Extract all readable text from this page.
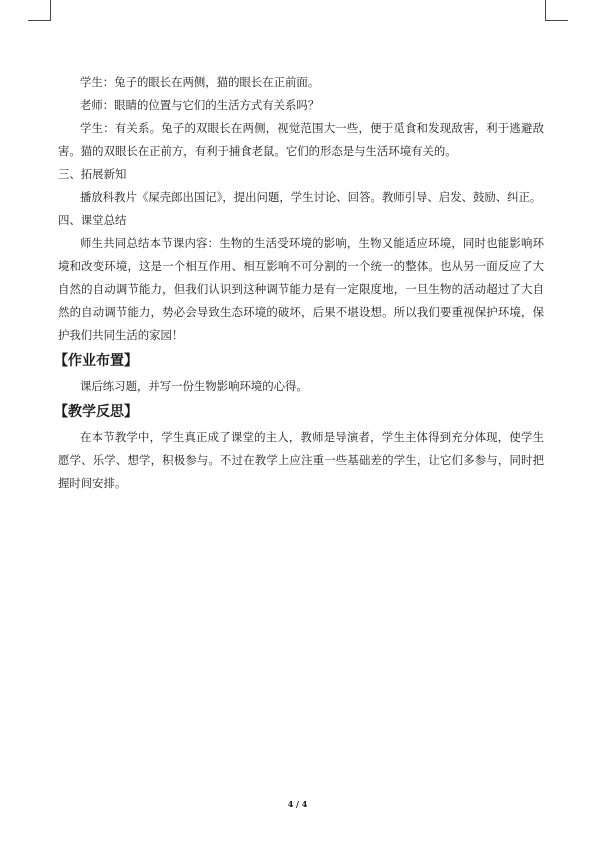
学生：兔子的眼长在两侧，猫的眼长在正前面。

老师：眼睛的位置与它们的生活方式有关系吗？

学生：有关系。兔子的双眼长在两侧，视觉范围大一些，便于觅食和发现敌害，利于逃避敌害。猫的双眼长在正前方，有利于捕食老鼠。它们的形态是与生活环境有关的。

三、拓展新知

播放科教片《屎壳郎出国记》，提出问题，学生讨论、回答。教师引导、启发、鼓励、纠正。

四、课堂总结

师生共同总结本节课内容：生物的生活受环境的影响，生物又能适应环境，同时也能影响环境和改变环境，这是一个相互作用、相互影响不可分割的一个统一的整体。也从另一面反应了大自然的自动调节能力，但我们认识到这种调节能力是有一定限度地，一旦生物的活动超过了大自然的自动调节能力，势必会导致生态环境的破坏，后果不堪设想。所以我们要重视保护环境，保护我们共同生活的家园！

【作业布置】

课后练习题，并写一份生物影响环境的心得。

【教学反思】

在本节教学中，学生真正成了课堂的主人，教师是导演者，学生主体得到充分体现，使学生愿学、乐学、想学，积极参与。不过在教学上应注重一些基础差的学生，让它们多参与，同时把握时间安排。

4 / 4
